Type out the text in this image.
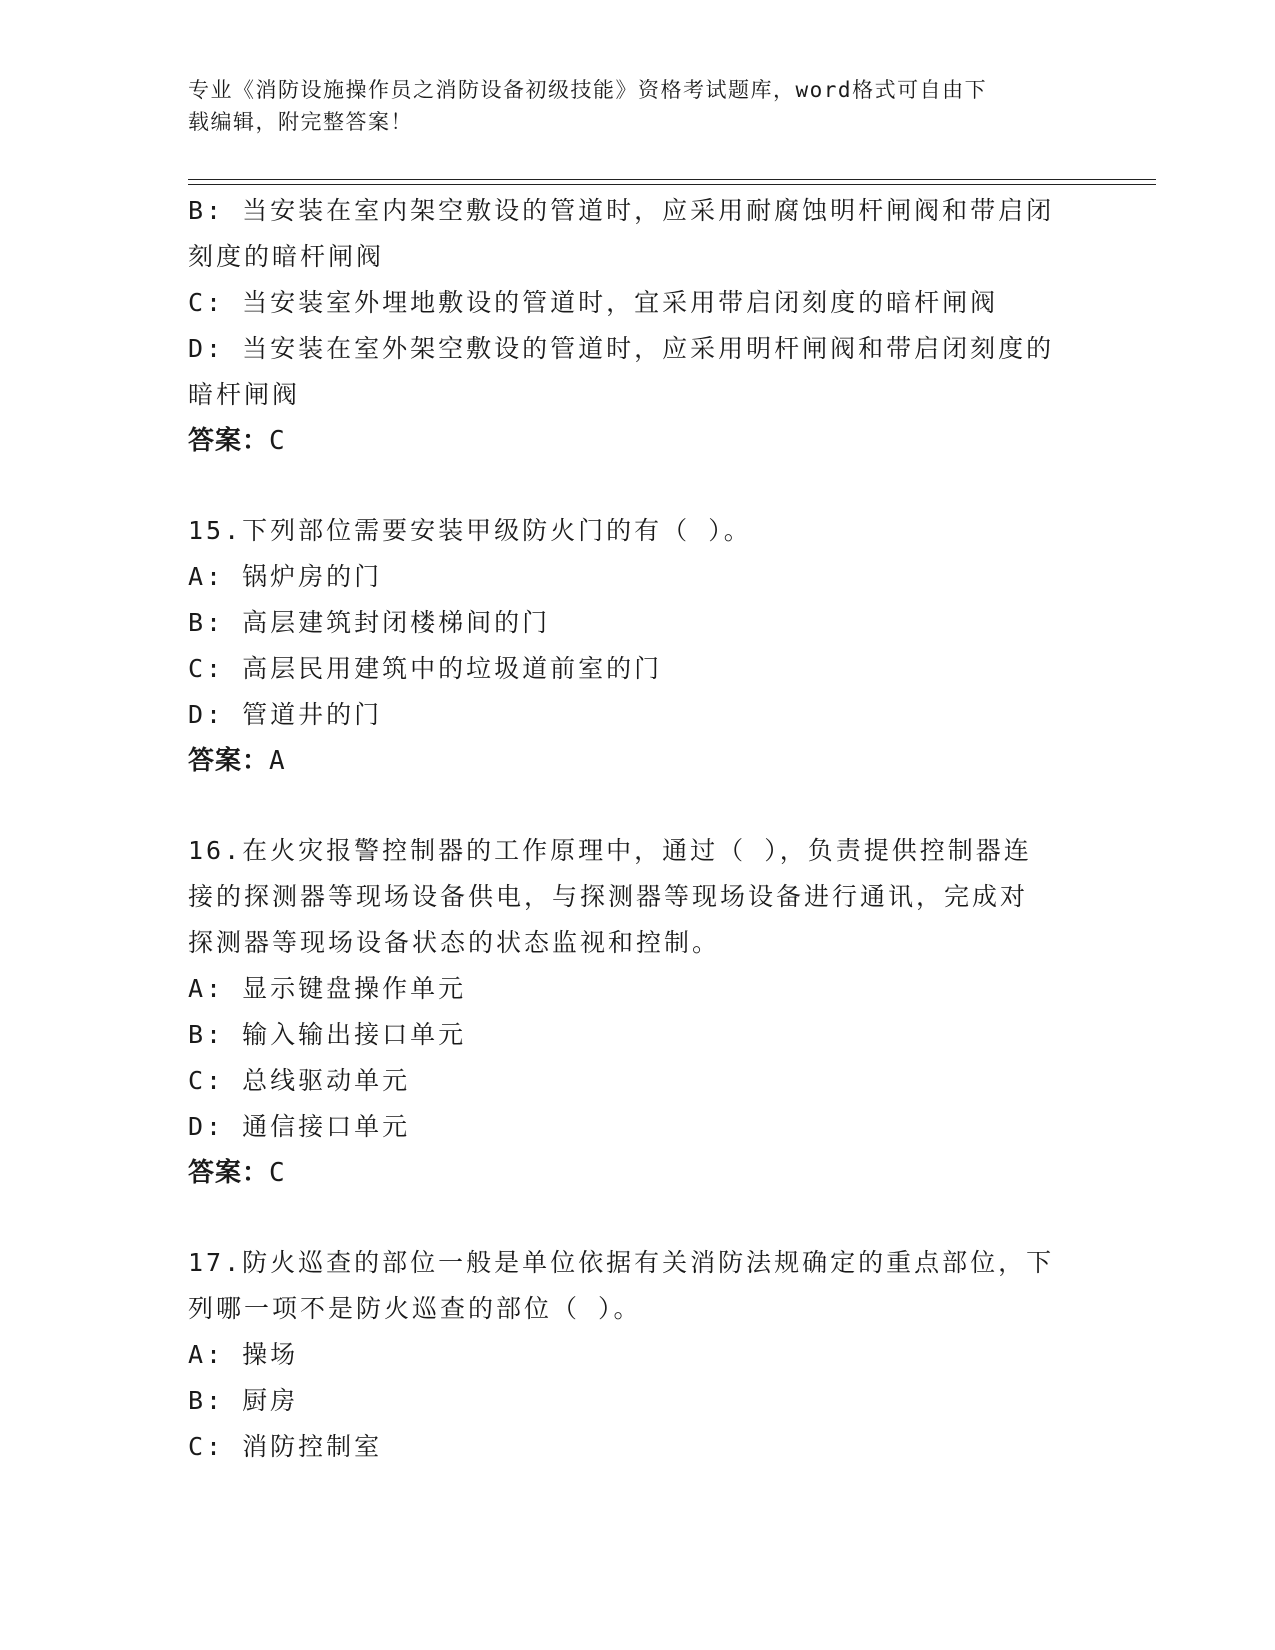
专业《消防设施操作员之消防设备初级技能》资格考试题库，word格式可自由下
载编辑，附完整答案！
B: 当安装在室内架空敷设的管道时，应采用耐腐蚀明杆闸阀和带启闭
刻度的暗杆闸阀
C: 当安装室外埋地敷设的管道时，宜采用带启闭刻度的暗杆闸阀
D: 当安装在室外架空敷设的管道时，应采用明杆闸阀和带启闭刻度的
暗杆闸阀
答案：C
15.下列部位需要安装甲级防火门的有（ ）。
A: 锅炉房的门
B: 高层建筑封闭楼梯间的门
C: 高层民用建筑中的垃圾道前室的门
D: 管道井的门
答案：A
16.在火灾报警控制器的工作原理中，通过（ ），负责提供控制器连
接的探测器等现场设备供电，与探测器等现场设备进行通讯，完成对
探测器等现场设备状态的状态监视和控制。
A: 显示键盘操作单元
B: 输入输出接口单元
C: 总线驱动单元
D: 通信接口单元
答案：C
17.防火巡查的部位一般是单位依据有关消防法规确定的重点部位，下
列哪一项不是防火巡查的部位（ ）。
A: 操场
B: 厨房
C: 消防控制室
